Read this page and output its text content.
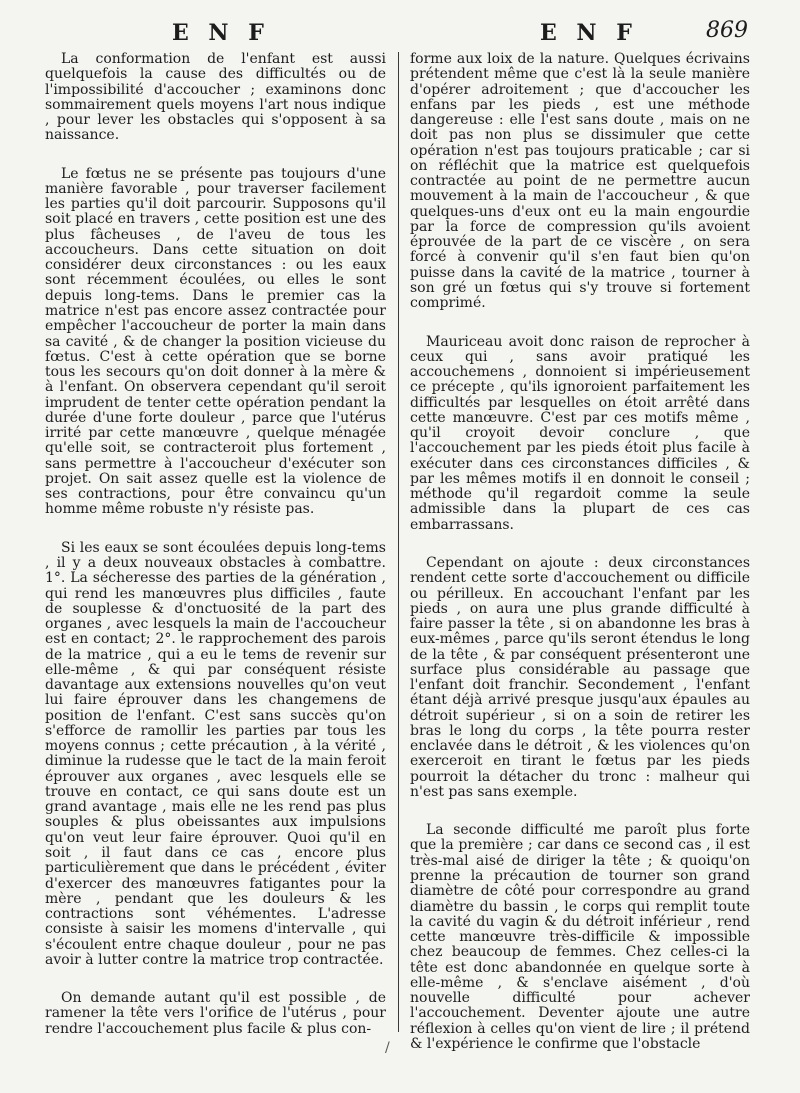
E N F	E N F	869

La conformation de l'enfant est aussi quelquefois la cause des difficultés ou de l'impossibilité d'accoucher ; examinons donc sommairement quels moyens l'art nous indique , pour lever les obstacles qui s'opposent à sa naissance.

Le fœtus ne se présente pas toujours d'une manière favorable , pour traverser facilement les parties qu'il doit parcourir. Supposons qu'il soit placé en travers , cette position est une des plus fâcheuses , de l'aveu de tous les accoucheurs. Dans cette situation on doit considérer deux circonstances : ou les eaux sont récemment écoulées, ou elles le sont depuis long-tems. Dans le premier cas la matrice n'est pas encore assez contractée pour empêcher l'accoucheur de porter la main dans sa cavité , & de changer la position vicieuse du fœtus. C'est à cette opération que se borne tous les secours qu'on doit donner à la mère & à l'enfant. On observera cependant qu'il seroit imprudent de tenter cette opération pendant la durée d'une forte douleur , parce que l'utérus irrité par cette manœuvre , quelque ménagée qu'elle soit, se contracteroit plus fortement , sans permettre à l'accoucheur d'exécuter son projet. On sait assez quelle est la violence de ses contractions, pour être convaincu qu'un homme même robuste n'y résiste pas.

Si les eaux se sont écoulées depuis long-tems , il y a deux nouveaux obstacles à combattre. 1°. La sécheresse des parties de la génération , qui rend les manœuvres plus difficiles , faute de souplesse & d'onctuosité de la part des organes , avec lesquels la main de l'accoucheur est en contact; 2°. le rapprochement des parois de la matrice , qui a eu le tems de revenir sur elle-même , & qui par conséquent résiste davantage aux extensions nouvelles qu'on veut lui faire éprouver dans les changemens de position de l'enfant. C'est sans succès qu'on s'efforce de ramollir les parties par tous les moyens connus ; cette précaution , à la vérité , diminue la rudesse que le tact de la main feroit éprouver aux organes , avec lesquels elle se trouve en contact, ce qui sans doute est un grand avantage , mais elle ne les rend pas plus souples & plus obeissantes aux impulsions qu'on veut leur faire éprouver. Quoi qu'il en soit , il faut dans ce cas , encore plus particulièrement que dans le précédent , éviter d'exercer des manœuvres fatigantes pour la mère , pendant que les douleurs & les contractions sont véhémentes. L'adresse consiste à saisir les momens d'intervalle , qui s'écoulent entre chaque douleur , pour ne pas avoir à lutter contre la matrice trop contractée.

On demande autant qu'il est possible , de ramener la tête vers l'orifice de l'utérus , pour rendre l'accouchement plus facile & plus con-

forme aux loix de la nature. Quelques écrivains prétendent même que c'est là la seule manière d'opérer adroitement ; que d'accoucher les enfans par les pieds , est une méthode dangereuse : elle l'est sans doute , mais on ne doit pas non plus se dissimuler que cette opération n'est pas toujours praticable ; car si on réfléchit que la matrice est quelquefois contractée au point de ne permettre aucun mouvement à la main de l'accoucheur , & que quelques-uns d'eux ont eu la main engourdie par la force de compression qu'ils avoient éprouvée de la part de ce viscère , on sera forcé à convenir qu'il s'en faut bien qu'on puisse dans la cavité de la matrice , tourner à son gré un fœtus qui s'y trouve si fortement comprimé.

Mauriceau avoit donc raison de reprocher à ceux qui , sans avoir pratiqué les accouchemens , donnoient si impérieusement ce précepte , qu'ils ignoroient parfaitement les difficultés par lesquelles on étoit arrêté dans cette manœuvre. C'est par ces motifs même , qu'il croyoit devoir conclure , que l'accouchement par les pieds étoit plus facile à exécuter dans ces circonstances difficiles , & par les mêmes motifs il en donnoit le conseil ; méthode qu'il regardoit comme la seule admissible dans la plupart de ces cas embarrassans.

Cependant on ajoute : deux circonstances rendent cette sorte d'accouchement ou difficile ou périlleux. En accouchant l'enfant par les pieds , on aura une plus grande difficulté à faire passer la tête , si on abandonne les bras à eux-mêmes , parce qu'ils seront étendus le long de la tête , & par conséquent présenteront une surface plus considérable au passage que l'enfant doit franchir. Secondement , l'enfant étant déjà arrivé presque jusqu'aux épaules au détroit supérieur , si on a soin de retirer les bras le long du corps , la tête pourra rester enclavée dans le détroit , & les violences qu'on exerceroit en tirant le fœtus par les pieds pourroit la détacher du tronc : malheur qui n'est pas sans exemple.

La seconde difficulté me paroît plus forte que la première ; car dans ce second cas , il est très-mal aisé de diriger la tête ; & quoiqu'on prenne la précaution de tourner son grand diamètre de côté pour correspondre au grand diamètre du bassin , le corps qui remplit toute la cavité du vagin & du détroit inférieur , rend cette manœuvre très-difficile & impossible chez beaucoup de femmes. Chez celles-ci la tête est donc abandonnée en quelque sorte à elle-même , & s'enclave aisément , d'où nouvelle difficulté pour achever l'accouchement. Deventer ajoute une autre réflexion à celles qu'on vient de lire ; il prétend & l'expérience le confirme que l'obstacle

/
